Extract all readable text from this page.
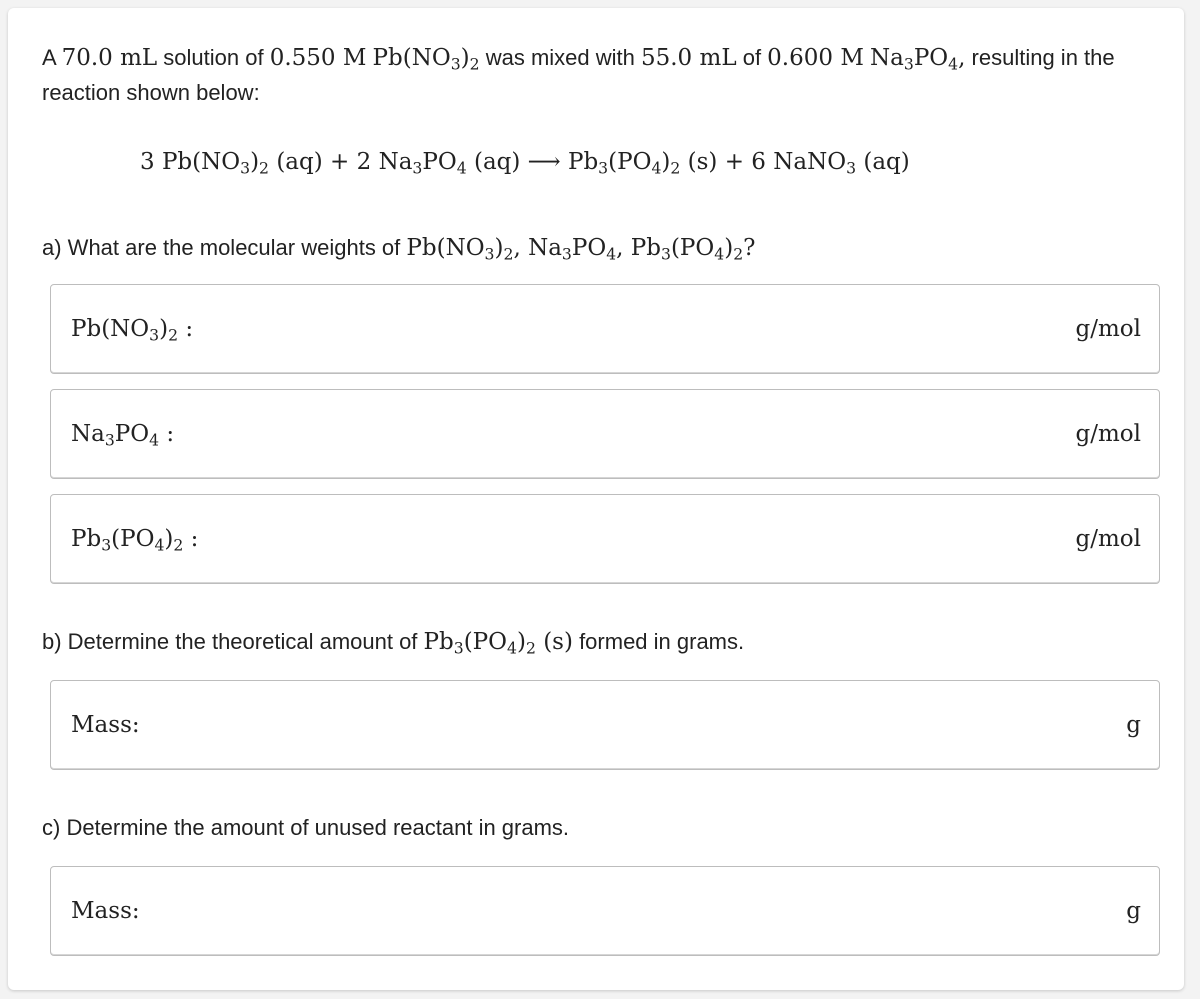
A 70.0 mL solution of 0.550 M $Pb(NO_3)_2$ was mixed with 55.0 mL of 0.600 M $Na_3PO_4$, resulting in the
reaction shown below:
3 $Pb(NO_3)_2$ (aq) + 2 $Na_3PO_4$ (aq) ⟶ $Pb_3(PO_4)_2$ (s) + 6 NaNO$_3$ (aq)
a) What are the molecular weights of $Pb(NO_3)_2$, $Na_3PO_4$, $Pb_3(PO_4)_2$?
$Pb(NO_3)_2$ :	g/mol
$Na_3PO_4$ :	g/mol
$Pb_3(PO_4)_2$ :	g/mol
b) Determine the theoretical amount of $Pb_3(PO_4)_2$ (s) formed in grams.
Mass:	g
c) Determine the amount of unused reactant in grams.
Mass:	g
